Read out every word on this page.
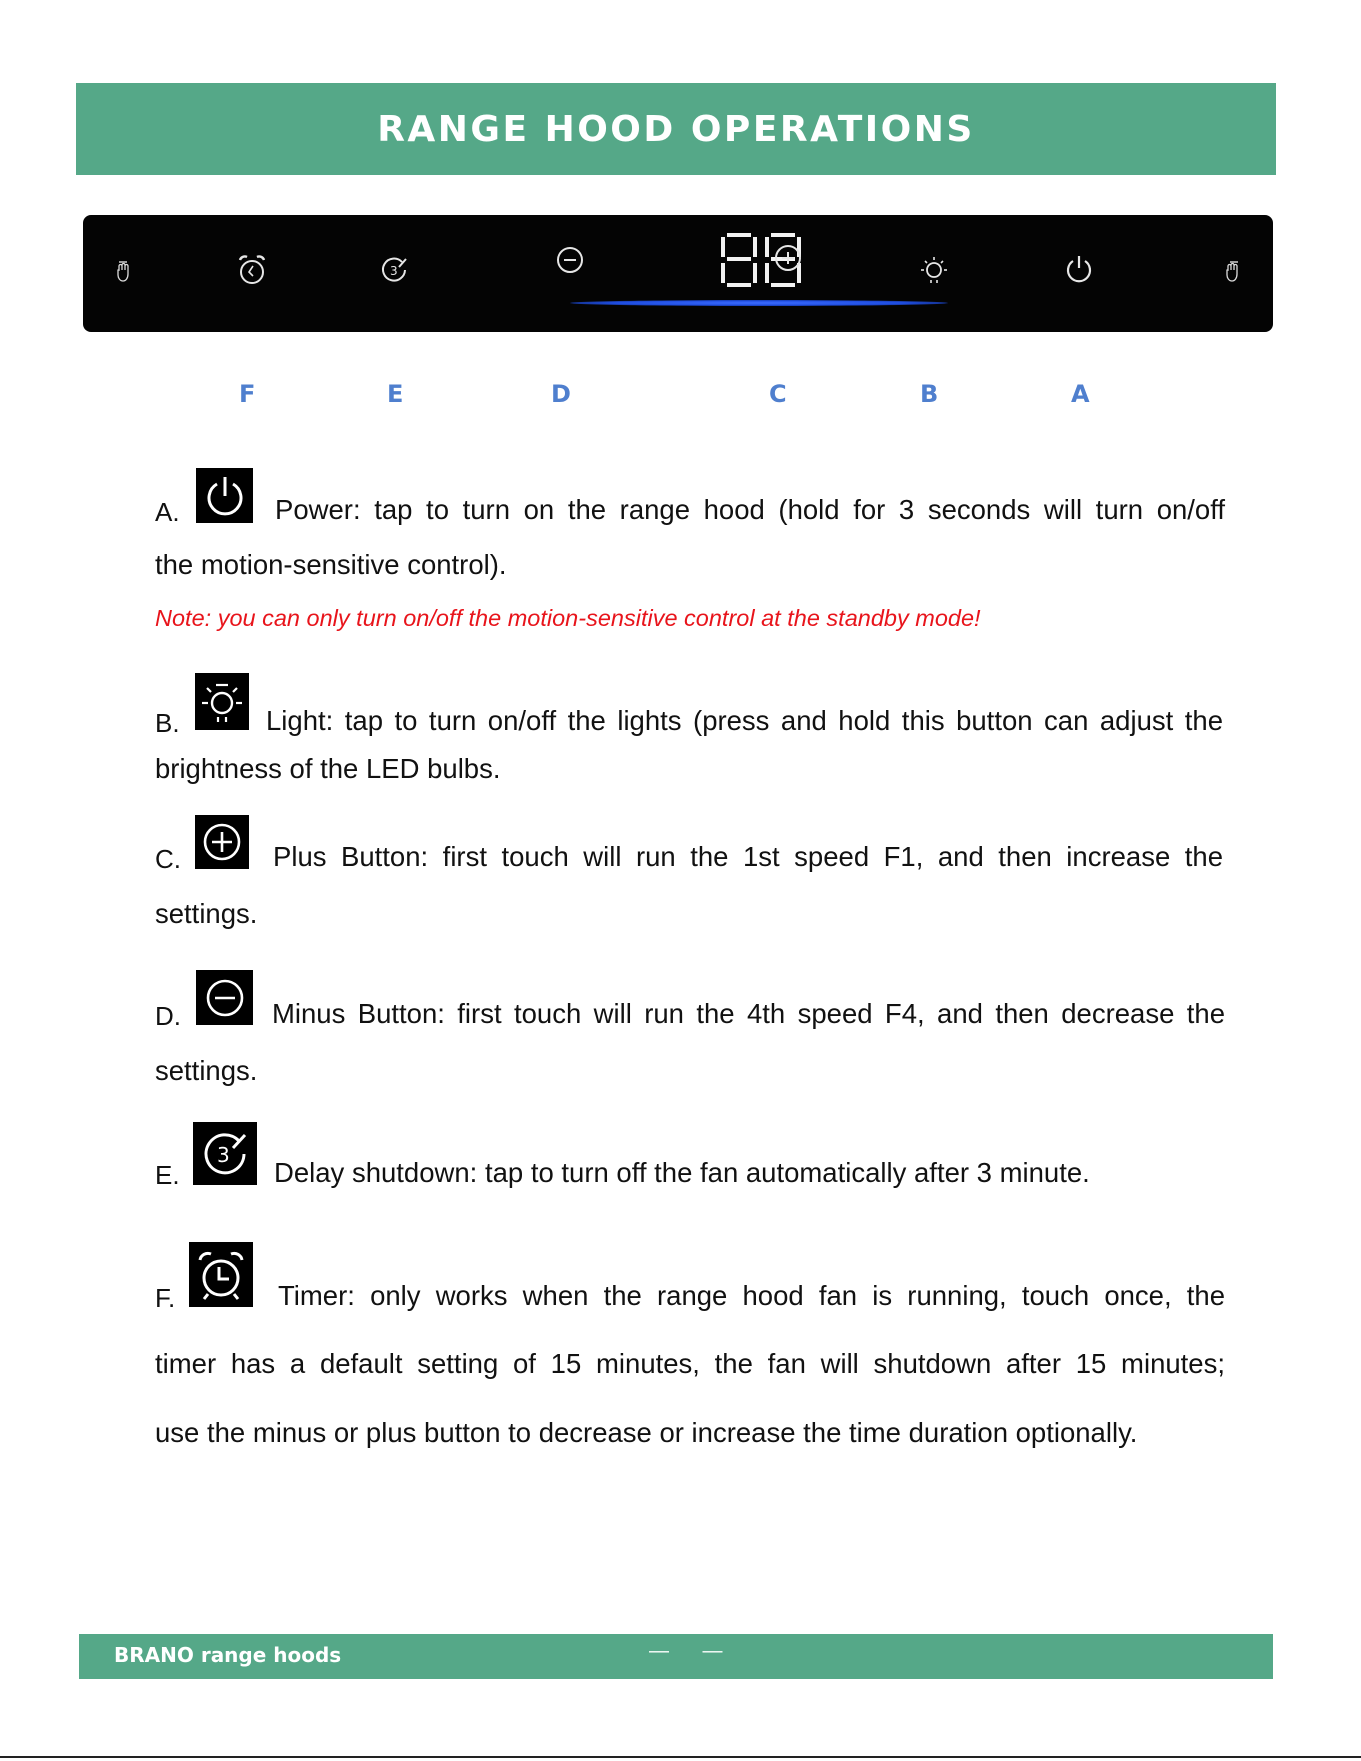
RANGE HOOD OPERATIONS
3
F	E	D	C	B	A
A.	Power: tap to turn on the range hood (hold for 3 seconds will turn on/off
the motion-sensitive control).
Note: you can only turn on/off the motion-sensitive control at the standby mode!
B.	Light: tap to turn on/off the lights (press and hold this button can adjust the
brightness of the LED bulbs.
C.	Plus Button: first touch will run the 1st speed F1, and then increase the
settings.
D.	Minus Button: first touch will run the 4th speed F4, and then decrease the
settings.
E.
3
Delay shutdown: tap to turn off the fan automatically after 3 minute.
F.	Timer: only works when the range hood fan is running, touch once, the
timer has a default setting of 15 minutes, the fan will shutdown after 15 minutes;
use the minus or plus button to decrease or increase the time duration optionally.
BRANO range hoods	— —
